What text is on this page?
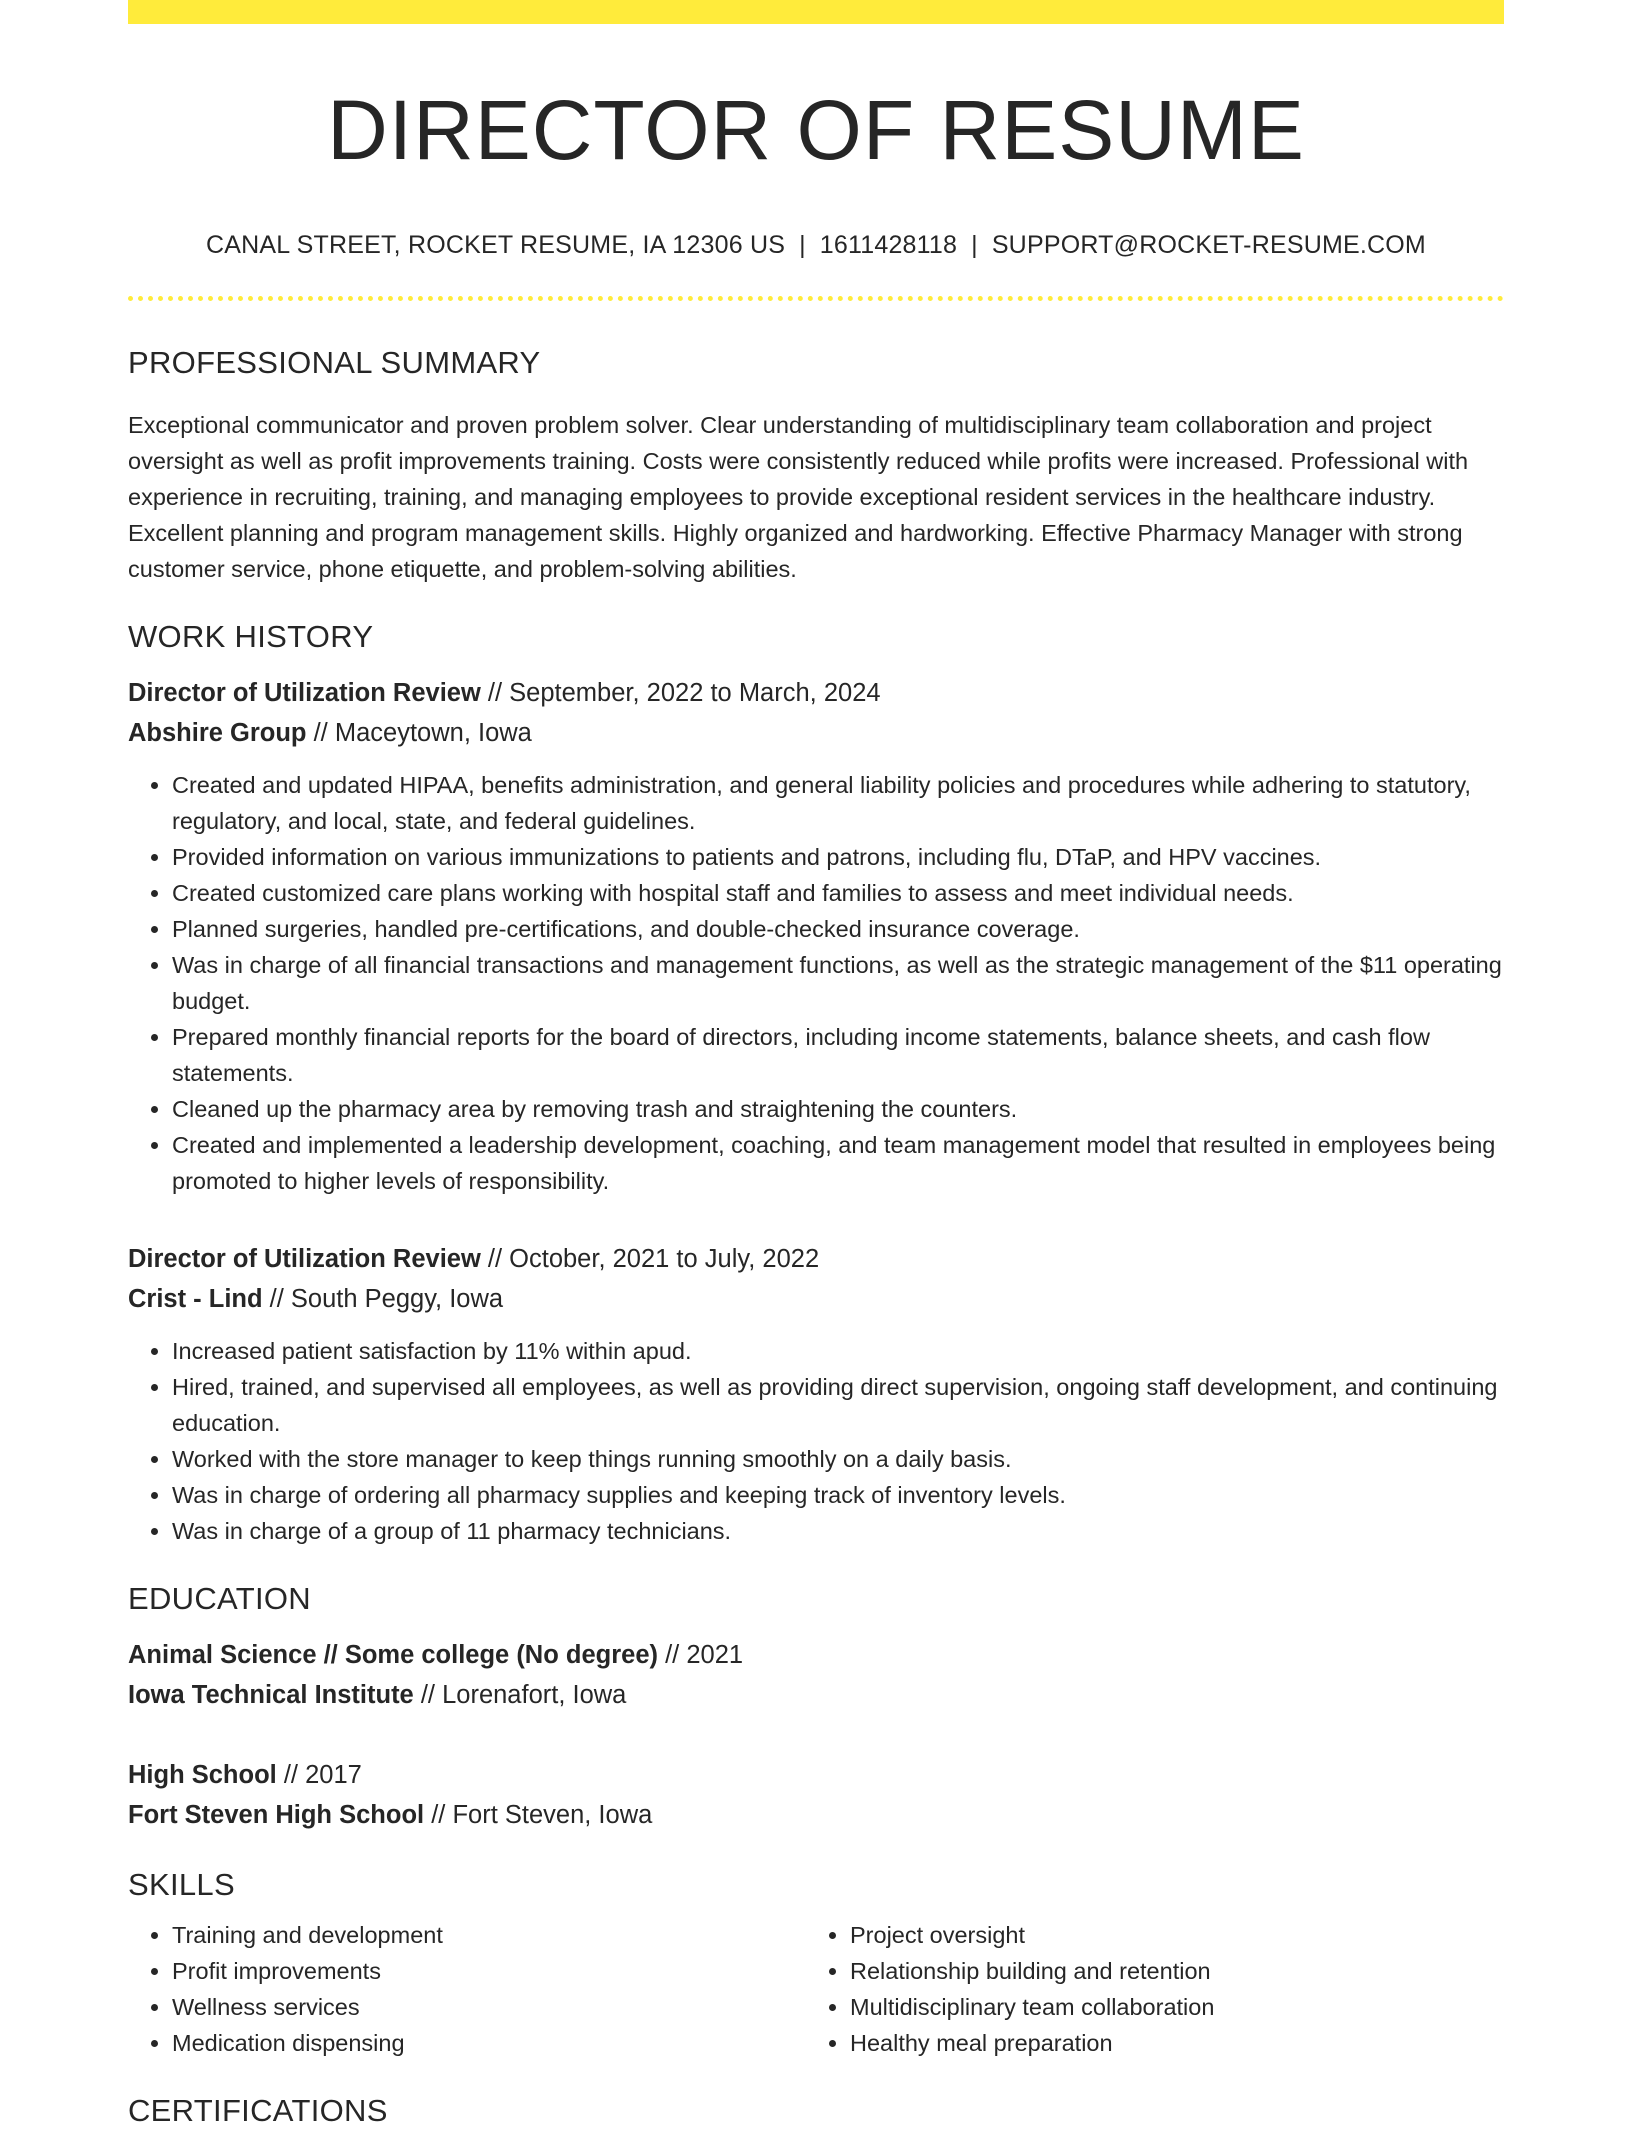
DIRECTOR OF RESUME
CANAL STREET, ROCKET RESUME, IA 12306 US | 1611428118 | SUPPORT@ROCKET-RESUME.COM
PROFESSIONAL SUMMARY
Exceptional communicator and proven problem solver. Clear understanding of multidisciplinary team collaboration and project oversight as well as profit improvements training. Costs were consistently reduced while profits were increased. Professional with experience in recruiting, training, and managing employees to provide exceptional resident services in the healthcare industry. Excellent planning and program management skills. Highly organized and hardworking. Effective Pharmacy Manager with strong customer service, phone etiquette, and problem-solving abilities.
WORK HISTORY
Director of Utilization Review // September, 2022 to March, 2024
Abshire Group // Maceytown, Iowa
• Created and updated HIPAA, benefits administration, and general liability policies and procedures while adhering to statutory, regulatory, and local, state, and federal guidelines.
• Provided information on various immunizations to patients and patrons, including flu, DTaP, and HPV vaccines.
• Created customized care plans working with hospital staff and families to assess and meet individual needs.
• Planned surgeries, handled pre-certifications, and double-checked insurance coverage.
• Was in charge of all financial transactions and management functions, as well as the strategic management of the $11 operating budget.
• Prepared monthly financial reports for the board of directors, including income statements, balance sheets, and cash flow statements.
• Cleaned up the pharmacy area by removing trash and straightening the counters.
• Created and implemented a leadership development, coaching, and team management model that resulted in employees being promoted to higher levels of responsibility.
Director of Utilization Review // October, 2021 to July, 2022
Crist - Lind // South Peggy, Iowa
• Increased patient satisfaction by 11% within apud.
• Hired, trained, and supervised all employees, as well as providing direct supervision, ongoing staff development, and continuing education.
• Worked with the store manager to keep things running smoothly on a daily basis.
• Was in charge of ordering all pharmacy supplies and keeping track of inventory levels.
• Was in charge of a group of 11 pharmacy technicians.
EDUCATION
Animal Science // Some college (No degree) // 2021
Iowa Technical Institute // Lorenafort, Iowa
High School // 2017
Fort Steven High School // Fort Steven, Iowa
SKILLS
• Training and development
• Profit improvements
• Wellness services
• Medication dispensing
• Project oversight
• Relationship building and retention
• Multidisciplinary team collaboration
• Healthy meal preparation
CERTIFICATIONS
